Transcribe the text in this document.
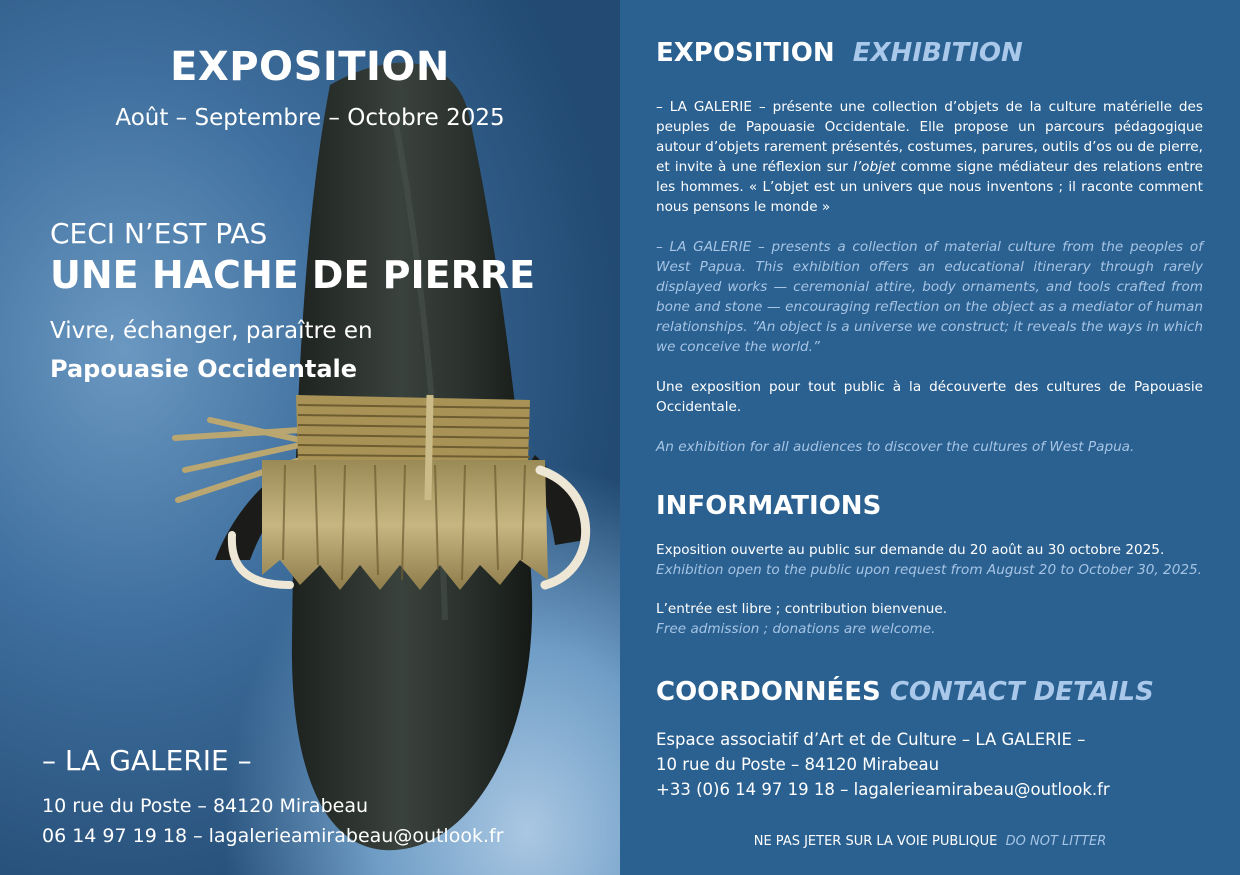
EXPOSITION
Août – Septembre – Octobre 2025
CECI N’EST PAS
UNE HACHE DE PIERRE
Vivre, échanger, paraître en
Papouasie Occidentale
– LA GALERIE –
10 rue du Poste – 84120 Mirabeau
06 14 97 19 18 – lagalerieamirabeau@outlook.fr
EXPOSITION EXHIBITION
– LA GALERIE – présente une collection d’objets de la culture matérielle des peuples de Papouasie Occidentale. Elle propose un parcours pédagogique autour d’objets rarement présentés, costumes, parures, outils d’os ou de pierre, et invite à une réflexion sur l’objet comme signe médiateur des relations entre les hommes. « L’objet est un univers que nous inventons ; il raconte comment nous pensons le monde »
– LA GALERIE – presents a collection of material culture from the peoples of West Papua. This exhibition offers an educational itinerary through rarely displayed works — ceremonial attire, body ornaments, and tools crafted from bone and stone — encouraging reflection on the object as a mediator of human relationships. “An object is a universe we construct; it reveals the ways in which we conceive the world.”
Une exposition pour tout public à la découverte des cultures de Papouasie Occidentale.
An exhibition for all audiences to discover the cultures of West Papua.
INFORMATIONS
Exposition ouverte au public sur demande du 20 août au 30 octobre 2025.
Exhibition open to the public upon request from August 20 to October 30, 2025.
L’entrée est libre ; contribution bienvenue.
Free admission ; donations are welcome.
COORDONNÉES CONTACT DETAILS
Espace associatif d’Art et de Culture – LA GALERIE –
10 rue du Poste – 84120 Mirabeau
+33 (0)6 14 97 19 18 – lagalerieamirabeau@outlook.fr
NE PAS JETER SUR LA VOIE PUBLIQUE DO NOT LITTER
